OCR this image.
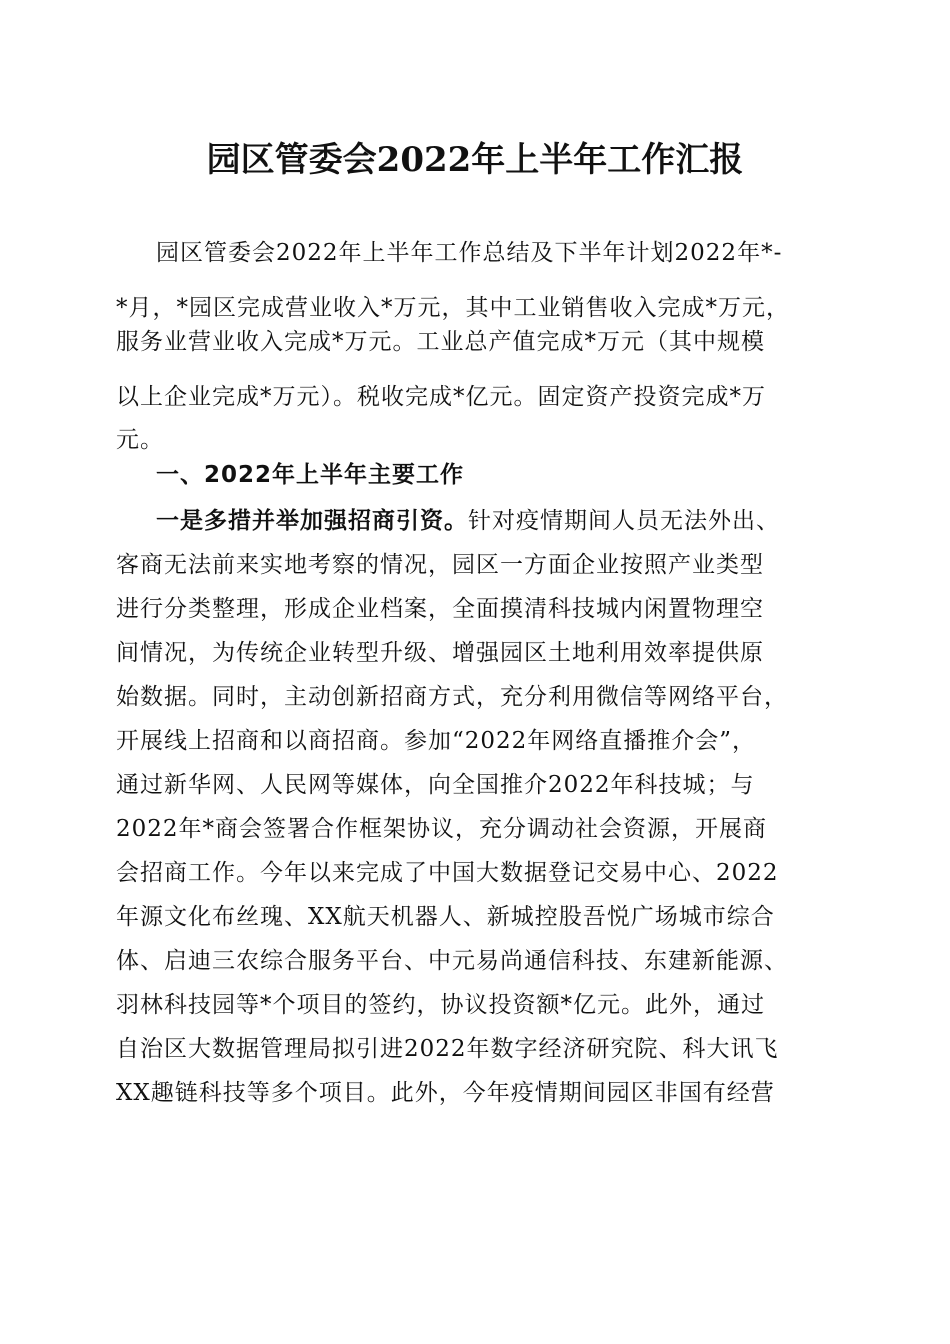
园区管委会2022年上半年工作汇报
园区管委会2022年上半年工作总结及下半年计划2022年*-
*月，*园区完成营业收入*万元，其中工业销售收入完成*万元，
服务业营业收入完成*万元。工业总产值完成*万元（其中规模
以上企业完成*万元）。税收完成*亿元。固定资产投资完成*万
元。
一、2022年上半年主要工作
一是多措并举加强招商引资。针对疫情期间人员无法外出、
客商无法前来实地考察的情况，园区一方面企业按照产业类型
进行分类整理，形成企业档案，全面摸清科技城内闲置物理空
间情况，为传统企业转型升级、增强园区土地利用效率提供原
始数据。同时，主动创新招商方式，充分利用微信等网络平台，
开展线上招商和以商招商。参加“2022年网络直播推介会”，
通过新华网、人民网等媒体，向全国推介2022年科技城；与
2022年*商会签署合作框架协议，充分调动社会资源，开展商
会招商工作。今年以来完成了中国大数据登记交易中心、2022
年源文化布丝瑰、XX航天机器人、新城控股吾悦广场城市综合
体、启迪三农综合服务平台、中元易尚通信科技、东建新能源、
羽林科技园等*个项目的签约，协议投资额*亿元。此外，通过
自治区大数据管理局拟引进2022年数字经济研究院、科大讯飞
XX趣链科技等多个项目。此外，今年疫情期间园区非国有经营
